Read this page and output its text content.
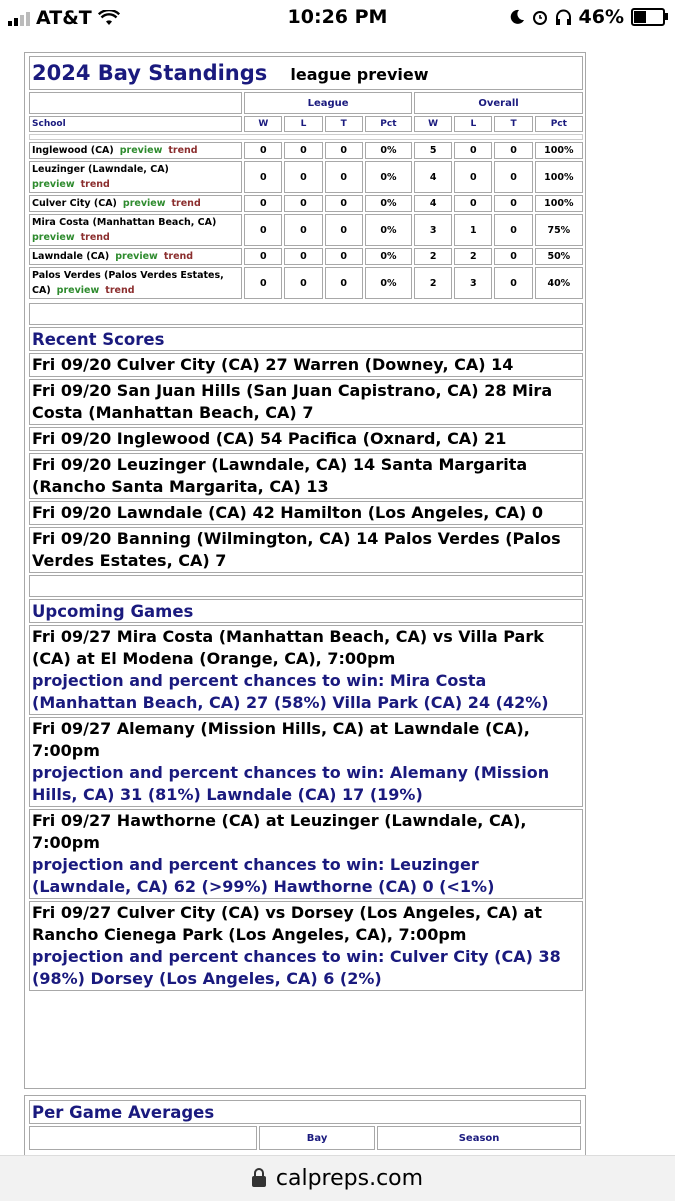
AT&T	10:26 PM	46%
2024 Bay Standings league preview								
	League				Overall			
School	W	L	T	Pct	W	L	T	Pct

Inglewood (CA) preview trend	0	0	0	0%	5	0	0	100%
Leuzinger (Lawndale, CA)
preview trend	0	0	0	0%	4	0	0	100%
Culver City (CA) preview trend	0	0	0	0%	4	0	0	100%
Mira Costa (Manhattan Beach, CA)
preview trend	0	0	0	0%	3	1	0	75%
Lawndale (CA) preview trend	0	0	0	0%	2	2	0	50%
Palos Verdes (Palos Verdes Estates, CA) preview trend	0	0	0	0%	2	3	0	40%

Recent Scores
Fri 09/20 Culver City (CA) 27 Warren (Downey, CA) 14
Fri 09/20 San Juan Hills (San Juan Capistrano, CA) 28 Mira Costa (Manhattan Beach, CA) 7
Fri 09/20 Inglewood (CA) 54 Pacifica (Oxnard, CA) 21
Fri 09/20 Leuzinger (Lawndale, CA) 14 Santa Margarita (Rancho Santa Margarita, CA) 13
Fri 09/20 Lawndale (CA) 42 Hamilton (Los Angeles, CA) 0
Fri 09/20 Banning (Wilmington, CA) 14 Palos Verdes (Palos Verdes Estates, CA) 7

Upcoming Games
Fri 09/27 Mira Costa (Manhattan Beach, CA) vs Villa Park (CA) at El Modena (Orange, CA), 7:00pm
projection and percent chances to win: Mira Costa (Manhattan Beach, CA) 27 (58%) Villa Park (CA) 24 (42%)
Fri 09/27 Alemany (Mission Hills, CA) at Lawndale (CA), 7:00pm
projection and percent chances to win: Alemany (Mission Hills, CA) 31 (81%) Lawndale (CA) 17 (19%)
Fri 09/27 Hawthorne (CA) at Leuzinger (Lawndale, CA), 7:00pm
projection and percent chances to win: Leuzinger (Lawndale, CA) 62 (>99%) Hawthorne (CA) 0 (<1%)
Fri 09/27 Culver City (CA) vs Dorsey (Los Angeles, CA) at Rancho Cienega Park (Los Angeles, CA), 7:00pm
projection and percent chances to win: Culver City (CA) 38 (98%) Dorsey (Los Angeles, CA) 6 (2%)
Per Game Averages
	Bay	Season
calpreps.com
